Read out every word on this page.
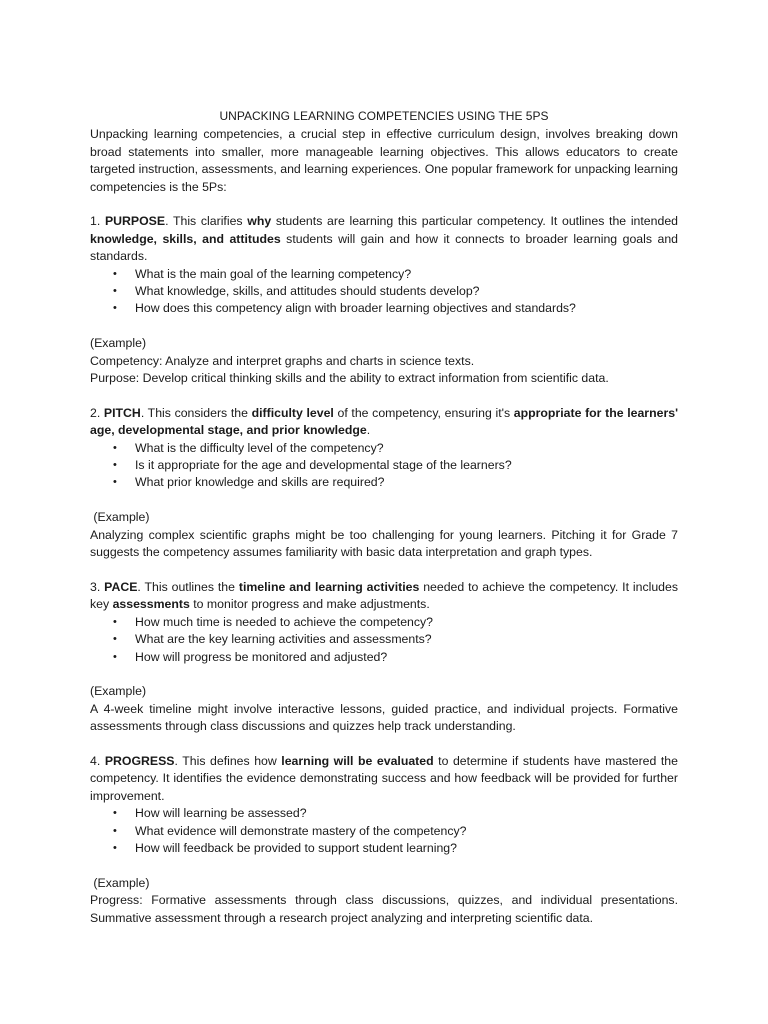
UNPACKING LEARNING COMPETENCIES USING THE 5PS

Unpacking learning competencies, a crucial step in effective curriculum design, involves breaking down broad statements into smaller, more manageable learning objectives. This allows educators to create targeted instruction, assessments, and learning experiences. One popular framework for unpacking learning competencies is the 5Ps:

1. PURPOSE. This clarifies why students are learning this particular competency. It outlines the intended knowledge, skills, and attitudes students will gain and how it connects to broader learning goals and standards.

• What is the main goal of the learning competency?
• What knowledge, skills, and attitudes should students develop?
• How does this competency align with broader learning objectives and standards?

(Example)

Competency: Analyze and interpret graphs and charts in science texts.

Purpose: Develop critical thinking skills and the ability to extract information from scientific data.

2. PITCH. This considers the difficulty level of the competency, ensuring it's appropriate for the learners' age, developmental stage, and prior knowledge.

• What is the difficulty level of the competency?
• Is it appropriate for the age and developmental stage of the learners?
• What prior knowledge and skills are required?

(Example)

Analyzing complex scientific graphs might be too challenging for young learners. Pitching it for Grade 7 suggests the competency assumes familiarity with basic data interpretation and graph types.

3. PACE. This outlines the timeline and learning activities needed to achieve the competency. It includes key assessments to monitor progress and make adjustments.

• How much time is needed to achieve the competency?
• What are the key learning activities and assessments?
• How will progress be monitored and adjusted?

(Example)

A 4-week timeline might involve interactive lessons, guided practice, and individual projects. Formative assessments through class discussions and quizzes help track understanding.

4. PROGRESS. This defines how learning will be evaluated to determine if students have mastered the competency. It identifies the evidence demonstrating success and how feedback will be provided for further improvement.

• How will learning be assessed?
• What evidence will demonstrate mastery of the competency?
• How will feedback be provided to support student learning?

(Example)

Progress: Formative assessments through class discussions, quizzes, and individual presentations. Summative assessment through a research project analyzing and interpreting scientific data.
